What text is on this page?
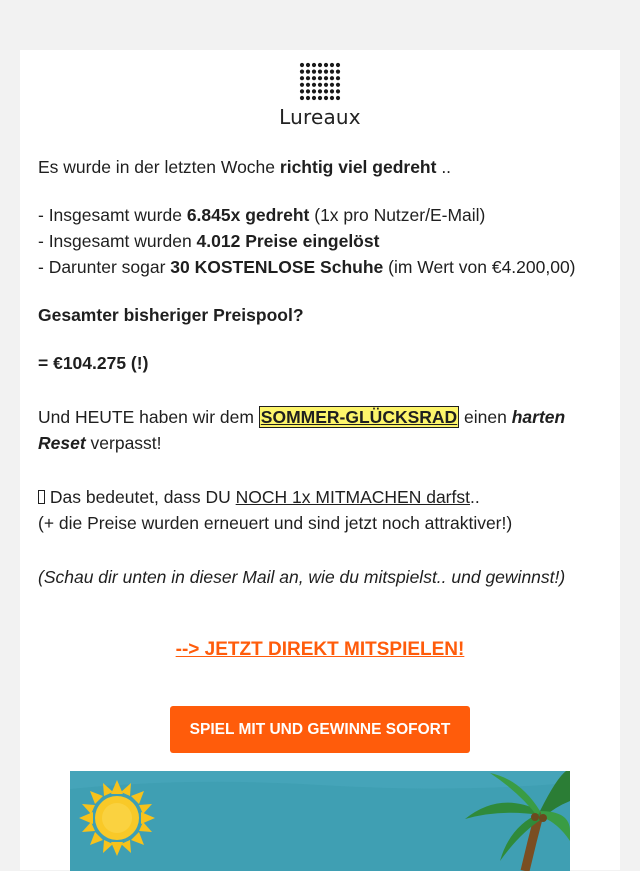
Lureaux

Es wurde in der letzten Woche richtig viel gedreht ..

- Insgesamt wurde 6.845x gedreht (1x pro Nutzer/E-Mail)

- Insgesamt wurden 4.012 Preise eingelöst

- Darunter sogar 30 KOSTENLOSE Schuhe (im Wert von €4.200,00)

Gesamter bisheriger Preispool?

= €104.275 (!)

Und HEUTE haben wir dem SOMMER-GLÜCKSRAD einen harten Reset verpasst!

Das bedeutet, dass DU NOCH 1x MITMACHEN darfst..

(+ die Preise wurden erneuert und sind jetzt noch attraktiver!)

(Schau dir unten in dieser Mail an, wie du mitspielst.. und gewinnst!)

--> JETZT DIREKT MITSPIELEN!
SPIEL MIT UND GEWINNE SOFORT
